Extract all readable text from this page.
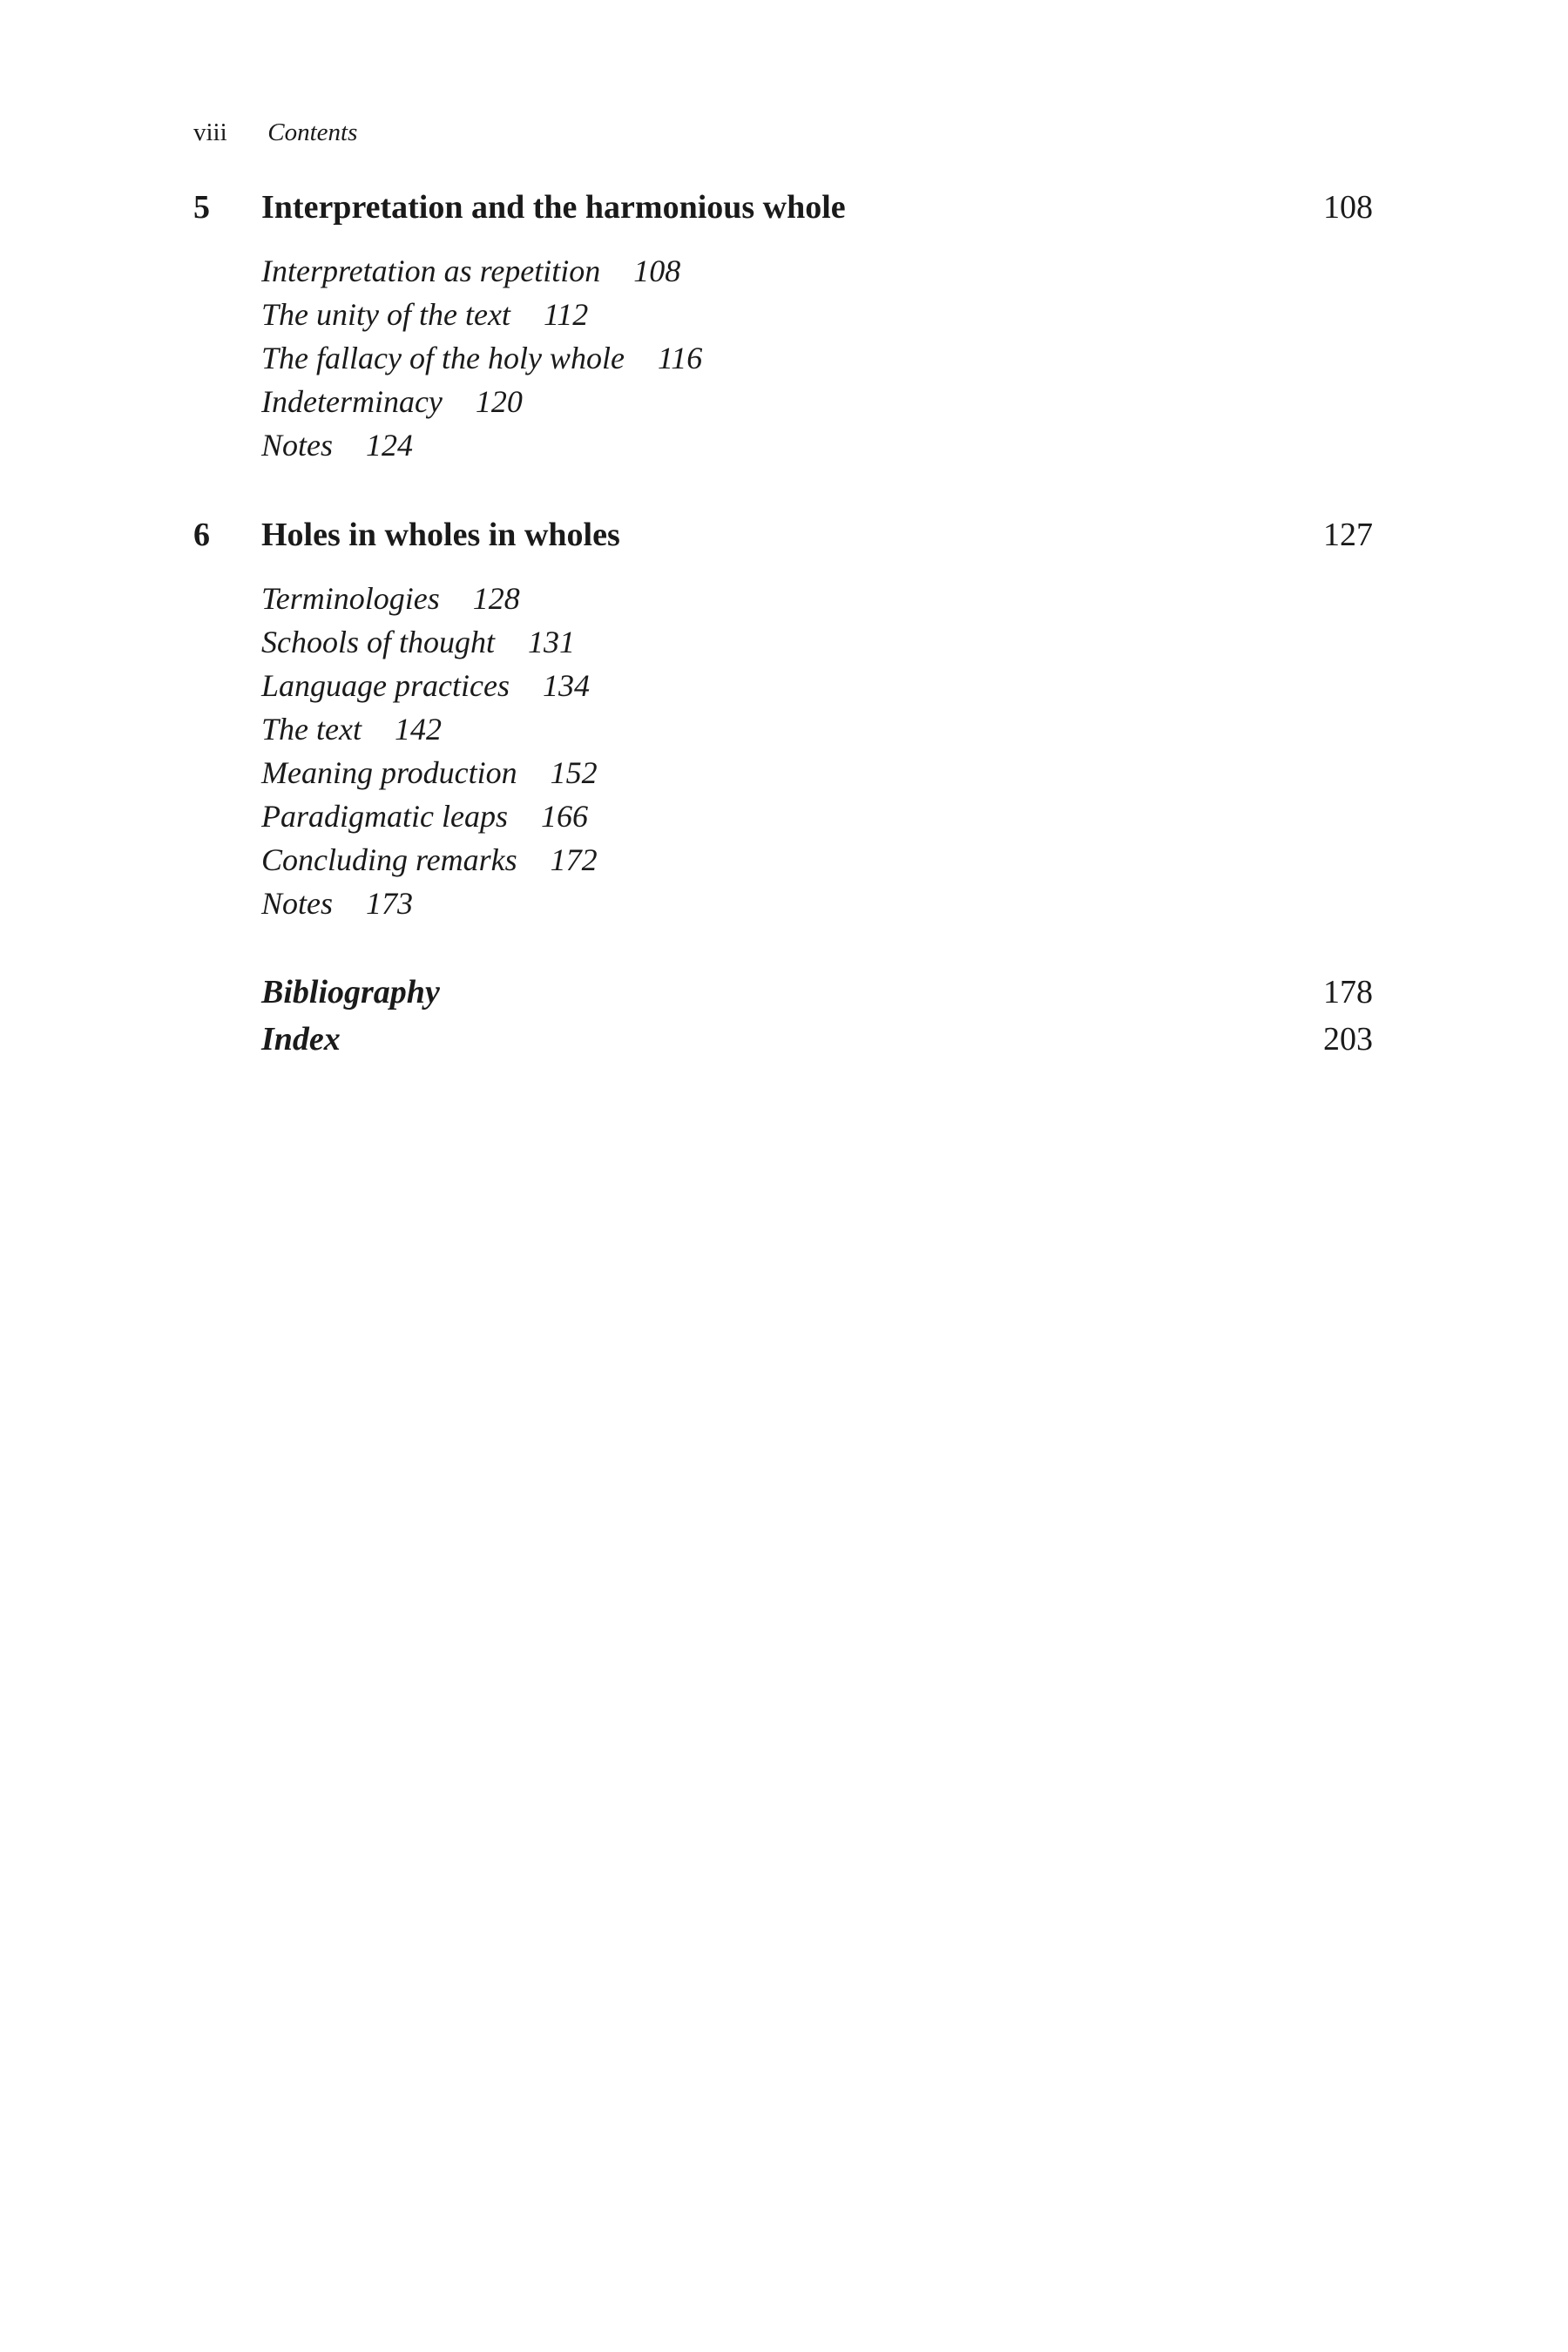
viii Contents
5 Interpretation and the harmonious whole	108
Interpretation as repetition 108
The unity of the text 112
The fallacy of the holy whole 116
Indeterminacy 120
Notes 124
6 Holes in wholes in wholes	127
Terminologies 128
Schools of thought 131
Language practices 134
The text 142
Meaning production 152
Paradigmatic leaps 166
Concluding remarks 172
Notes 173
Bibliography	178
Index	203
